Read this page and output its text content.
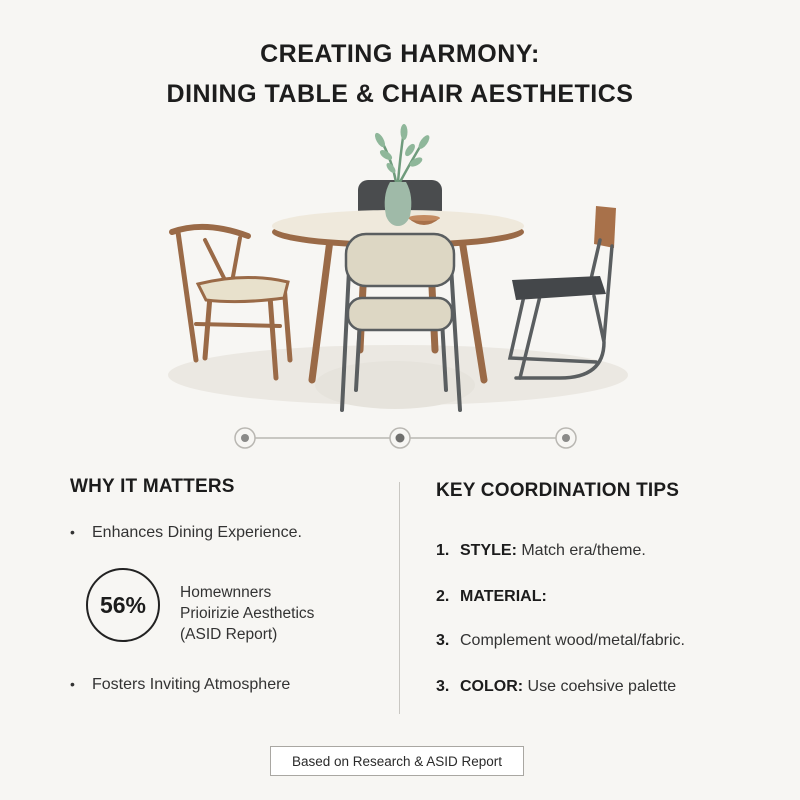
CREATING HARMONY:
DINING TABLE & CHAIR AESTHETICS
WHY IT MATTERS
• Enhances Dining Experience.
56%	Homewnners
Prioirizie Aesthetics
(ASID Report)
• Fosters Inviting Atmosphere
KEY COORDINATION TIPS
1. STYLE: Match era/theme.
2. MATERIAL:
3. Complement wood/metal/fabric.
3. COLOR: Use coehsive palette
Based on Research & ASID Report
